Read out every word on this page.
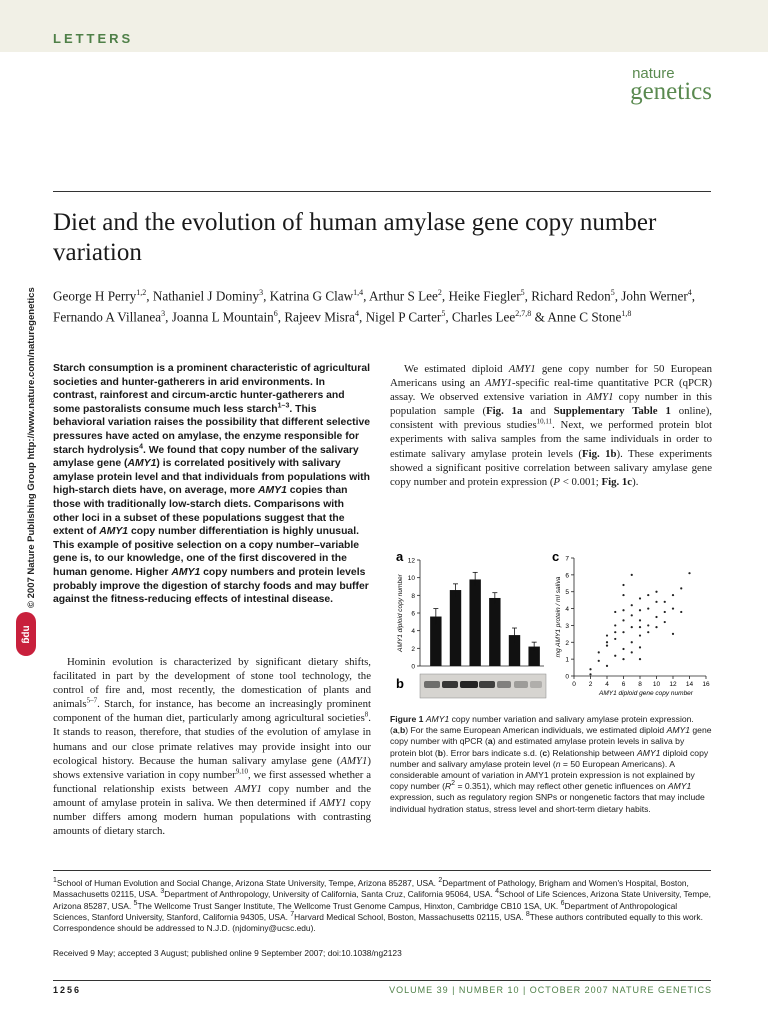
LETTERS
nature
genetics
© 2007 Nature Publishing Group http://www.nature.com/naturegenetics
npg
Diet and the evolution of human amylase gene copy number variation
George H Perry$^{1,2}$, Nathaniel J Dominy$^3$, Katrina G Claw$^{1,4}$, Arthur S Lee$^2$, Heike Fiegler$^5$, Richard Redon$^5$, John Werner$^4$, Fernando A Villanea$^3$, Joanna L Mountain$^6$, Rajeev Misra$^4$, Nigel P Carter$^5$, Charles Lee$^{2,7,8}$ & Anne C Stone$^{1,8}$

Starch consumption is a prominent characteristic of agricultural societies and hunter-gatherers in arid environments. In contrast, rainforest and circum-arctic hunter-gatherers and some pastoralists consume much less starch$^{1-3}$. This behavioral variation raises the possibility that different selective pressures have acted on amylase, the enzyme responsible for starch hydrolysis$^4$. We found that copy number of the salivary amylase gene (AMY1) is correlated positively with salivary amylase protein level and that individuals from populations with high-starch diets have, on average, more AMY1 copies than those with traditionally low-starch diets. Comparisons with other loci in a subset of these populations suggest that the extent of AMY1 copy number differentiation is highly unusual. This example of positive selection on a copy number–variable gene is, to our knowledge, one of the first discovered in the human genome. Higher AMY1 copy numbers and protein levels probably improve the digestion of starchy foods and may buffer against the fitness-reducing effects of intestinal disease.

Hominin evolution is characterized by significant dietary shifts, facilitated in part by the development of stone tool technology, the control of fire and, most recently, the domestication of plants and animals$^{5-7}$. Starch, for instance, has become an increasingly prominent component of the human diet, particularly among agricultural societies$^8$. It stands to reason, therefore, that studies of the evolution of amylase in humans and our close primate relatives may provide insight into our ecological history. Because the human salivary amylase gene (AMY1) shows extensive variation in copy number$^{9,10}$, we first assessed whether a functional relationship exists between AMY1 copy number and the amount of amylase protein in saliva. We then determined if AMY1 copy number differs among modern human populations with contrasting amounts of dietary starch.

We estimated diploid AMY1 gene copy number for 50 European Americans using an AMY1-specific real-time quantitative PCR (qPCR) assay. We observed extensive variation in AMY1 copy number in this population sample (Fig. 1a and Supplementary Table 1 online), consistent with previous studies$^{10,11}$. Next, we performed protein blot experiments with saliva samples from the same individuals in order to estimate salivary amylase protein levels (Fig. 1b). These experiments showed a significant positive correlation between salivary amylase gene copy number and protein expression (P < 0.001; Fig. 1c).

a
b
c
0
2
4
6
8
10
12
AMY1 diploid copy number
0
1
2
3
4
5
6
7
0 2 4 6 8 10 12 14 16
AMY1 diploid gene copy number
mg AMY1 protein / ml saliva

Figure 1 AMY1 copy number variation and salivary amylase protein expression. (a,b) For the same European American individuals, we estimated diploid AMY1 gene copy number with qPCR (a) and estimated amylase protein levels in saliva by protein blot (b). Error bars indicate s.d. (c) Relationship between AMY1 diploid copy number and salivary amylase protein level (n = 50 European Americans). A considerable amount of variation in AMY1 protein expression is not explained by copy number $(R^2 = 0.351)$, which may reflect other genetic influences on AMY1 expression, such as regulatory region SNPs or nongenetic factors that may include individual hydration status, stress level and short-term dietary habits.

$^1$School of Human Evolution and Social Change, Arizona State University, Tempe, Arizona 85287, USA. $^2$Department of Pathology, Brigham and Women's Hospital, Boston, Massachusetts 02115, USA. $^3$Department of Anthropology, University of California, Santa Cruz, California 95064, USA. $^4$School of Life Sciences, Arizona State University, Tempe, Arizona 85287, USA. $^5$The Wellcome Trust Sanger Institute, The Wellcome Trust Genome Campus, Hinxton, Cambridge CB10 1SA, UK. $^6$Department of Anthropological Sciences, Stanford University, Stanford, California 94305, USA. $^7$Harvard Medical School, Boston, Massachusetts 02115, USA. $^8$These authors contributed equally to this work. Correspondence should be addressed to N.J.D. (njdominy@ucsc.edu).

Received 9 May; accepted 3 August; published online 9 September 2007; doi:10.1038/ng2123

1256	VOLUME 39 | NUMBER 10 | OCTOBER 2007 NATURE GENETICS
